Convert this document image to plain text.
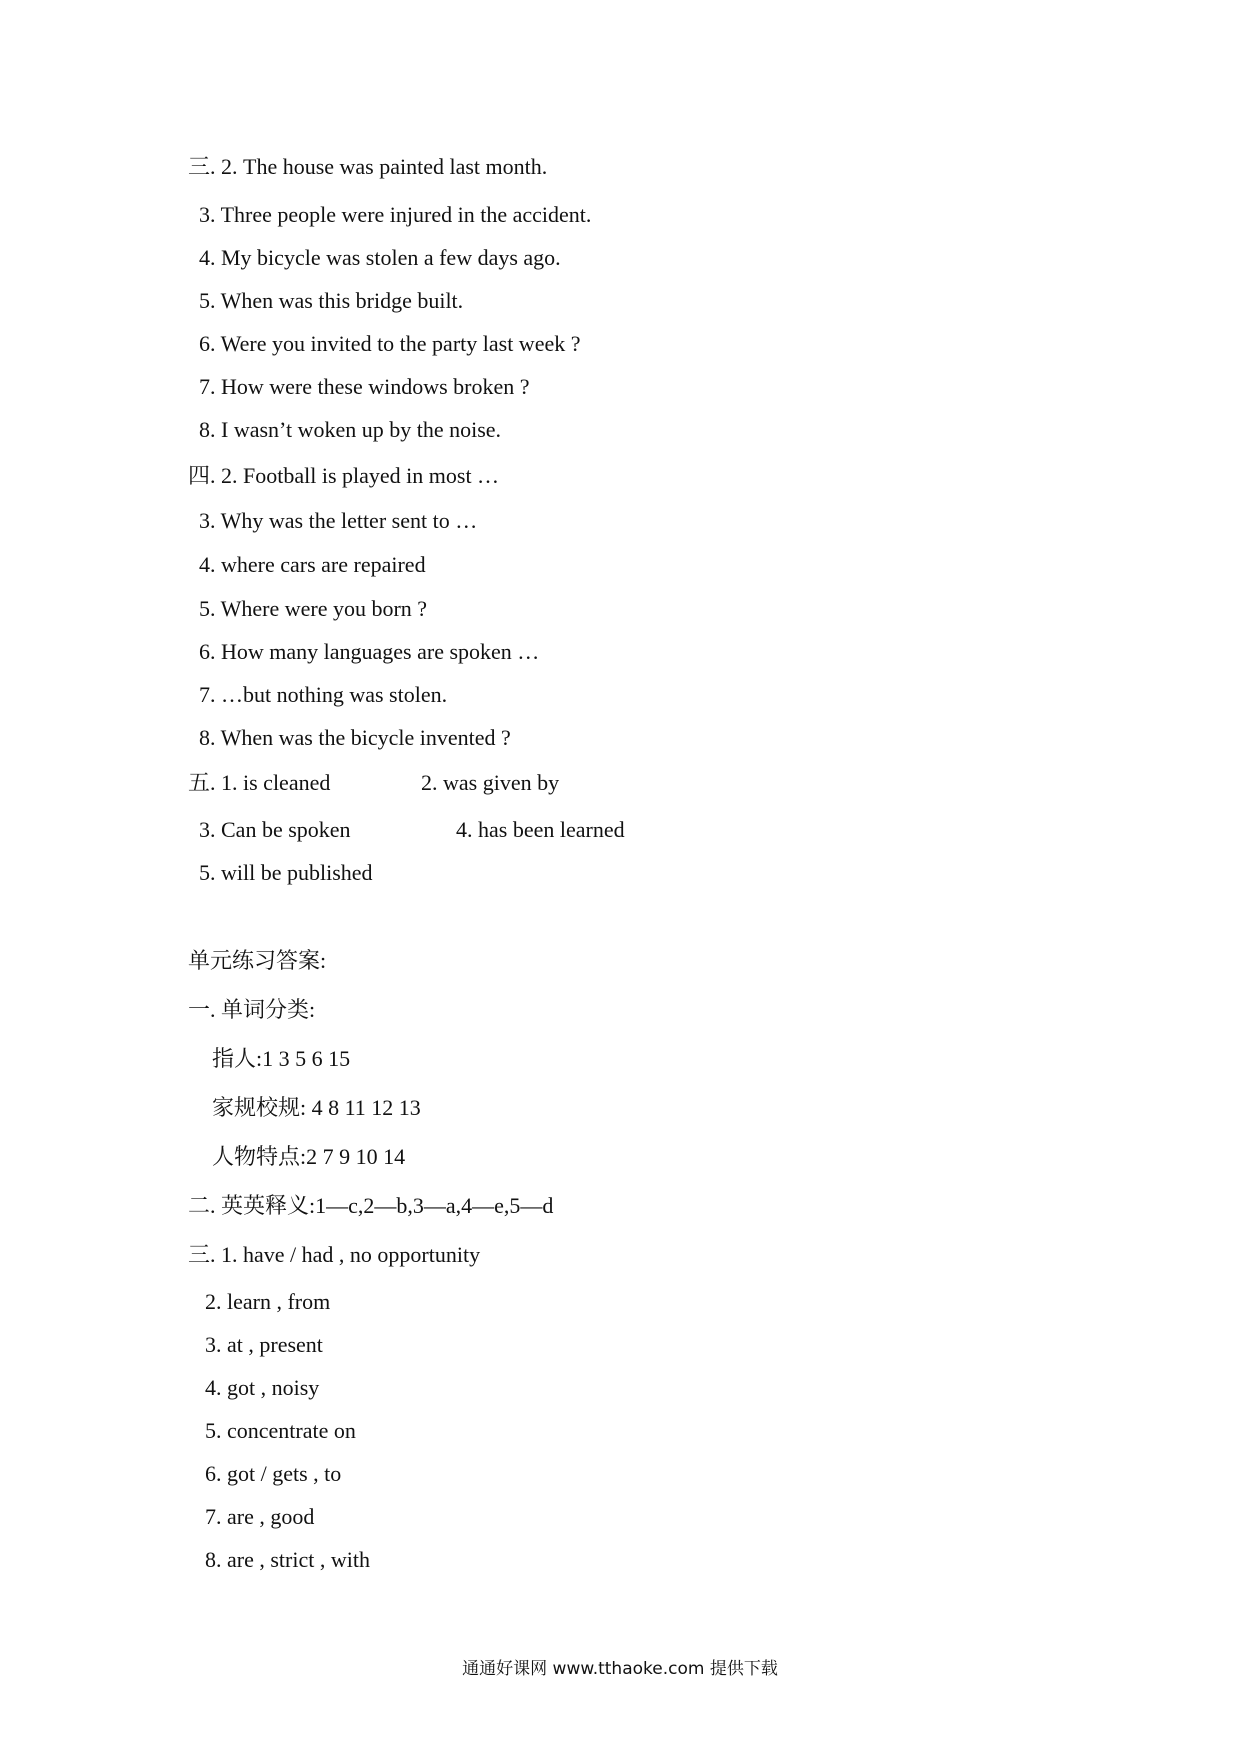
三. 2. The house was painted last month.
3. Three people were injured in the accident.
4. My bicycle was stolen a few days ago.
5. When was this bridge built.
6. Were you invited to the party last week ?
7. How were these windows broken ?
8. I wasn’t woken up by the noise.
四. 2. Football is played in most …
3. Why was the letter sent to …
4. where cars are repaired
5. Where were you born ?
6. How many languages are spoken …
7. …but nothing was stolen.
8. When was the bicycle invented ?
五. 1. is cleaned	2. was given by
3. Can be spoken	4. has been learned
5. will be published
单元练习答案:
一. 单词分类:
指人:1 3 5 6 15
家规校规: 4 8 11 12 13
人物特点:2 7 9 10 14
二. 英英释义:1—c,2—b,3—a,4—e,5—d
三. 1. have / had , no opportunity
2. learn , from
3. at , present
4. got , noisy
5. concentrate on
6. got / gets , to
7. are , good
8. are , strict , with
通通好课网 www.tthaoke.com 提供下载
